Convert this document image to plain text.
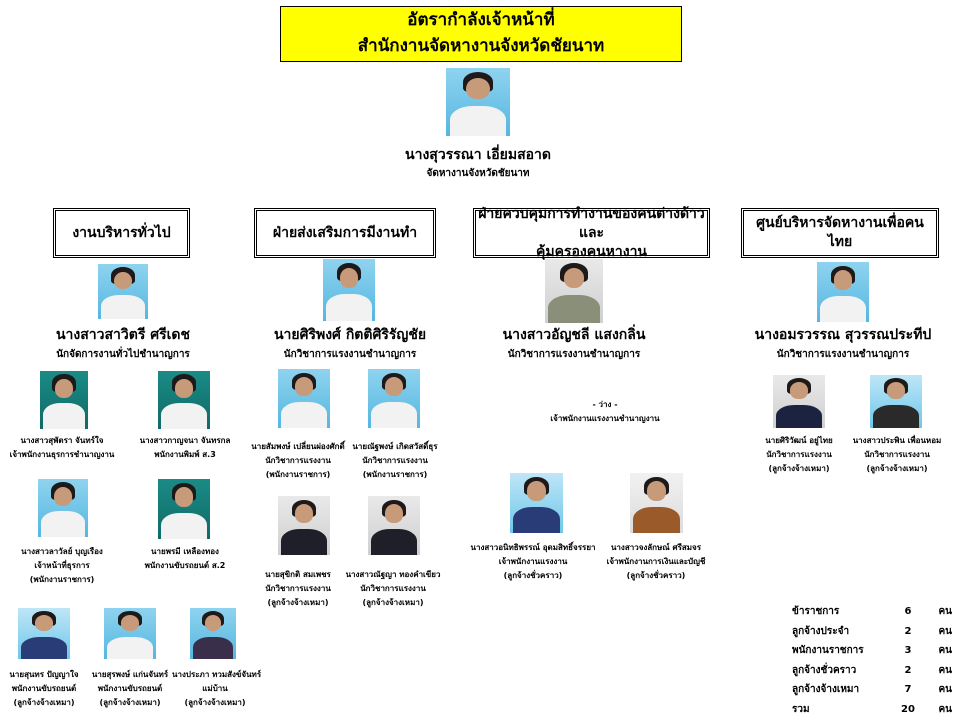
อัตรากำลังเจ้าหน้าที่
สำนักงานจัดหางานจังหวัดชัยนาท
นางสุวรรณา เอี่ยมสอาด
จัดหางานจังหวัดชัยนาท
งานบริหารทั่วไป	ฝ่ายส่งเสริมการมีงานทำ
ฝ่ายควบคุมการทำงานของคนต่างด้าวและ
คุ้มครองคนหางาน
ศูนย์บริหารจัดหางานเพื่อคนไทย
นางสาวสาวิตรี ศรีเดช
นักจัดการงานทั่วไปชำนาญการ
นายศิริพงศ์ กิตติศิริรัญชัย
นักวิชาการแรงงานชำนาญการ
นางสาวอัญชลี แสงกลิ่น
นักวิชาการแรงงานชำนาญการ
นางอมรวรรณ สุวรรณประทีป
นักวิชาการแรงงานชำนาญการ
นางสาวสุพัตรา จันทร์ใจ
เจ้าพนักงานธุรการชำนาญงาน
นางสาวกาญจนา จันทรกล
พนักงานพิมพ์ ส.3
นางสาวลาวัลย์ บุญเรือง
เจ้าหน้าที่ธุรการ
(พนักงานราชการ)
นายพรมี เหลืองทอง
พนักงานขับรถยนต์ ส.2
นายสุนทร ปัญญาใจ
พนักงานขับรถยนต์
(ลูกจ้างจ้างเหมา)
นายสุรพงษ์ แก่นจันทร์
พนักงานขับรถยนต์
(ลูกจ้างจ้างเหมา)
นางประภา ทวมสังข์จันทร์
แม่บ้าน
(ลูกจ้างจ้างเหมา)
นายสัมพงษ์ เปลี่ยนผ่องศักดิ์
นักวิชาการแรงงาน
(พนักงานราชการ)
นายณัฐพงษ์ เกิดสวัสดิ์ธุร
นักวิชาการแรงงาน
(พนักงานราชการ)
นายสุขิกติ สมเพชร
นักวิชาการแรงงาน
(ลูกจ้างจ้างเหมา)
นางสาวณัฐญา ทองคำเขียว
นักวิชาการแรงงาน
(ลูกจ้างจ้างเหมา)
- ว่าง -
เจ้าพนักงานแรงงานชำนาญงาน
นางสาวอนิทธิพรรณ์ อุดมสิทธิ์จรรยา
เจ้าพนักงานแรงงาน
(ลูกจ้างชั่วคราว)
นางสาวจงลักษณ์ ศรีสมจร
เจ้าพนักงานการเงินและบัญชี
(ลูกจ้างชั่วคราว)
นายศิริวัฒน์ อยู่ไทย
นักวิชาการแรงงาน
(ลูกจ้างจ้างเหมา)
นางสาวประพิน เพื่อนหอม
นักวิชาการแรงงาน
(ลูกจ้างจ้างเหมา)
ข้าราชการ	6	คน
ลูกจ้างประจำ	2	คน
พนักงานราชการ	3	คน
ลูกจ้างชั่วคราว	2	คน
ลูกจ้างจ้างเหมา	7	คน
รวม	20	คน
